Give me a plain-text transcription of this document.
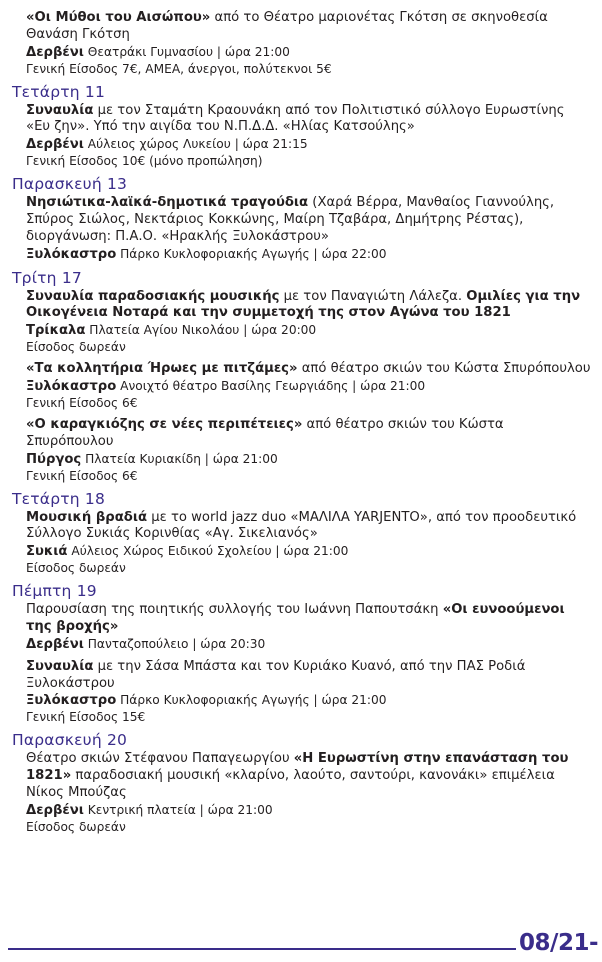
«Οι Μύθοι του Αισώπου» από το Θέατρο μαριονέτας Γκότση σε σκηνοθεσία Θανάση Γκότση

Δερβένι Θεατράκι Γυμνασίου | ώρα 21:00

Γενική Είσοδος 7€, ΑΜΕΑ, άνεργοι, πολύτεκνοι 5€

Τετάρτη 11

Συναυλία με τον Σταμάτη Κραουνάκη από τον Πολιτιστικό σύλλογο Ευρωστίνης «Ευ ζην». Υπό την αιγίδα του Ν.Π.Δ.Δ. «Ηλίας Κατσούλης»

Δερβένι Αύλειος χώρος Λυκείου | ώρα 21:15

Γενική Είσοδος 10€ (μόνο προπώληση)

Παρασκευή 13

Νησιώτικα-λαϊκά-δημοτικά τραγούδια (Χαρά Βέρρα, Μανθαίος Γιαννούλης, Σπύρος Σιώλος, Νεκτάριος Κοκκώνης, Μαίρη Τζαβάρα, Δημήτρης Ρέστας), διοργάνωση: Π.Α.Ο. «Ηρακλής Ξυλοκάστρου»

Ξυλόκαστρο Πάρκο Κυκλοφοριακής Αγωγής | ώρα 22:00

Τρίτη 17

Συναυλία παραδοσιακής μουσικής με τον Παναγιώτη Λάλεζα. Ομιλίες για την Οικογένεια Νοταρά και την συμμετοχή της στον Αγώνα του 1821

Τρίκαλα Πλατεία Αγίου Νικολάου | ώρα 20:00

Είσοδος δωρεάν

«Τα κολλητήρια Ήρωες με πιτζάμες» από θέατρο σκιών του Κώστα Σπυρόπουλου

Ξυλόκαστρο Ανοιχτό θέατρο Βασίλης Γεωργιάδης | ώρα 21:00

Γενική Είσοδος 6€

«Ο καραγκιόζης σε νέες περιπέτειες» από θέατρο σκιών του Κώστα Σπυρόπουλου

Πύργος Πλατεία Κυριακίδη | ώρα 21:00

Γενική Είσοδος 6€

Τετάρτη 18

Μουσική βραδιά με το world jazz duo «ΜΑΛΙΛΑ YARJENTO», από τον προοδευτικό Σύλλογο Συκιάς Κορινθίας «Αγ. Σικελιανός»

Συκιά Αύλειος Χώρος Ειδικού Σχολείου | ώρα 21:00

Είσοδος δωρεάν

Πέμπτη 19

Παρουσίαση της ποιητικής συλλογής του Ιωάννη Παπουτσάκη «Οι ευνοούμενοι της βροχής»

Δερβένι Πανταζοπούλειο | ώρα 20:30

Συναυλία με την Σάσα Μπάστα και τον Κυριάκο Κυανό, από την ΠΑΣ Ροδιά Ξυλοκάστρου

Ξυλόκαστρο Πάρκο Κυκλοφοριακής Αγωγής | ώρα 21:00

Γενική Είσοδος 15€

Παρασκευή 20

Θέατρο σκιών Στέφανου Παπαγεωργίου «Η Ευρωστίνη στην επανάσταση του 1821» παραδοσιακή μουσική «κλαρίνο, λαούτο, σαντούρι, κανονάκι» επιμέλεια Νίκος Μπούζας

Δερβένι Κεντρική πλατεία | ώρα 21:00

Είσοδος δωρεάν

08/21-
